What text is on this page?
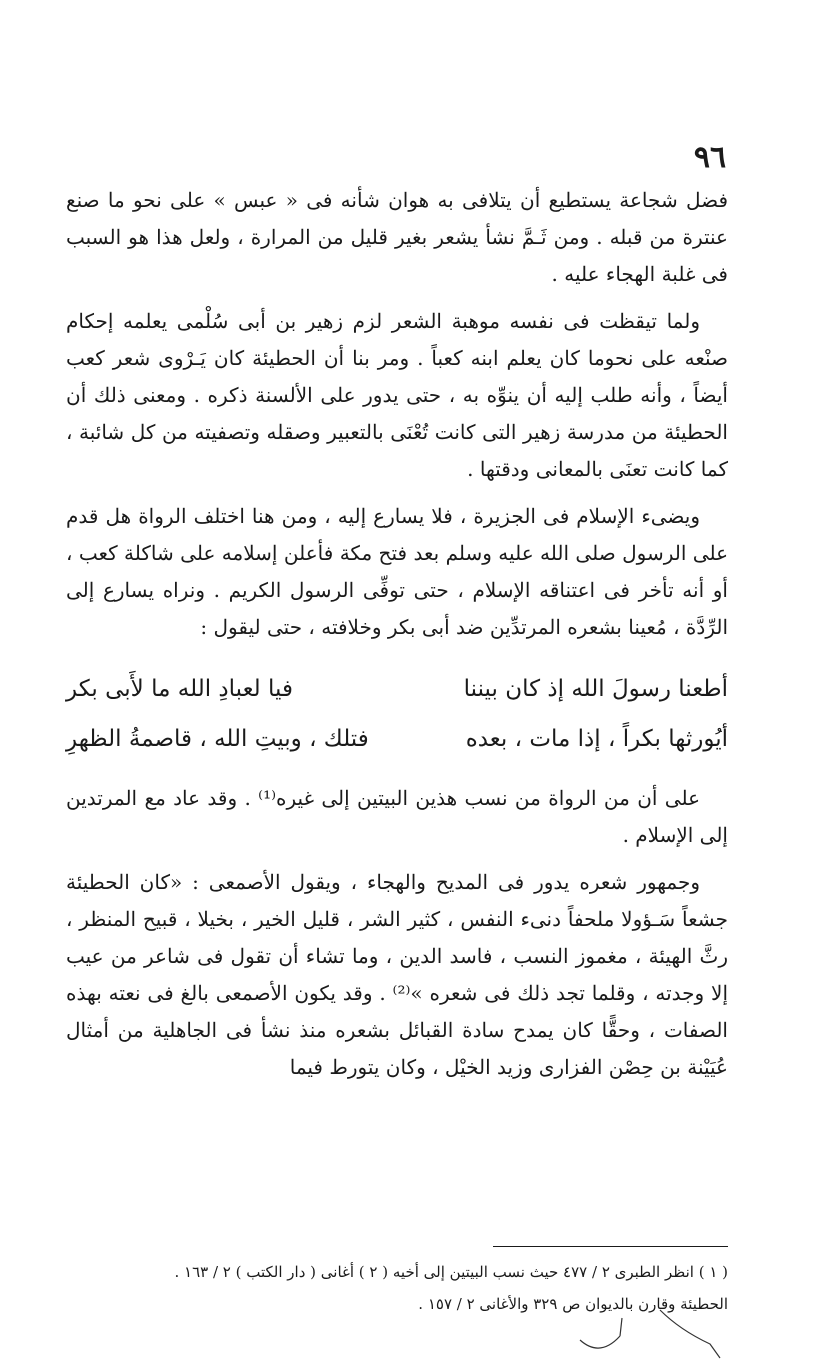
٩٦

فضل شجاعة يستطيع أن يتلافى به هوان شأنه فى « عبس » على نحو ما صنع عنترة من قبله . ومن ثَـمَّ نشأ يشعر بغير قليل من المرارة ، ولعل هذا هو السبب فى غلبة الهجاء عليه .

ولما تيقظت فى نفسه موهبة الشعر لزم زهير بن أبى سُلْمى يعلمه إحكام صنْعه على نحوما كان يعلم ابنه كعباً . ومر بنا أن الحطيئة كان يَـرْوى شعر كعب أيضاً ، وأنه طلب إليه أن ينوِّه به ، حتى يدور على الألسنة ذكره . ومعنى ذلك أن الحطيئة من مدرسة زهير التى كانت تُعْنَى بالتعبير وصقله وتصفيته من كل شائبة ، كما كانت تعنَى بالمعانى ودقتها .

ويضىء الإسلام فى الجزيرة ، فلا يسارع إليه ، ومن هنا اختلف الرواة هل قدم على الرسول صلى الله عليه وسلم بعد فتح مكة فأعلن إسلامه على شاكلة كعب ، أو أنه تأخر فى اعتناقه الإسلام ، حتى توفِّى الرسول الكريم . ونراه يسارع إلى الرِّدَّة ، مُعينا بشعره المرتدِّين ضد أبى بكر وخلافته ، حتى ليقول :

أطعنا رسولَ الله إذ كان بيننا
فيا لعبادِ الله ما لأَبى بكر
أيُورثها بكراً ، إذا مات ، بعده
فتلك ، وبيتِ الله ، قاصمةُ الظهرِ

على أن من الرواة من نسب هذين البيتين إلى غيره⁽¹⁾ . وقد عاد مع المرتدين إلى الإسلام .

وجمهور شعره يدور فى المديح والهجاء ، ويقول الأصمعى : «كان الحطيئة جشعاً سَـؤولا ملحفاً دنىء النفس ، كثير الشر ، قليل الخير ، بخيلا ، قبيح المنظر ، رثَّ الهيئة ، مغموز النسب ، فاسد الدين ، وما تشاء أن تقول فى شاعر من عيب إلا وجدته ، وقلما تجد ذلك فى شعره »⁽²⁾ . وقد يكون الأصمعى بالغ فى نعته بهذه الصفات ، وحقًّا كان يمدح سادة القبائل بشعره منذ نشأ فى الجاهلية من أمثال عُيَيْنة بن حِصْن الفزارى وزيد الخيْل ، وكان يتورط فيما

( ١ ) انظر الطبرى ٢ / ٤٧٧ حيث نسب البيتين إلى أخيه ( ٢ ) أغانى ( دار الكتب ) ٢ / ١٦٣ .
الحطيئة وقارن بالديوان ص ٣٢٩ والأغانى ٢ / ١٥٧ .
